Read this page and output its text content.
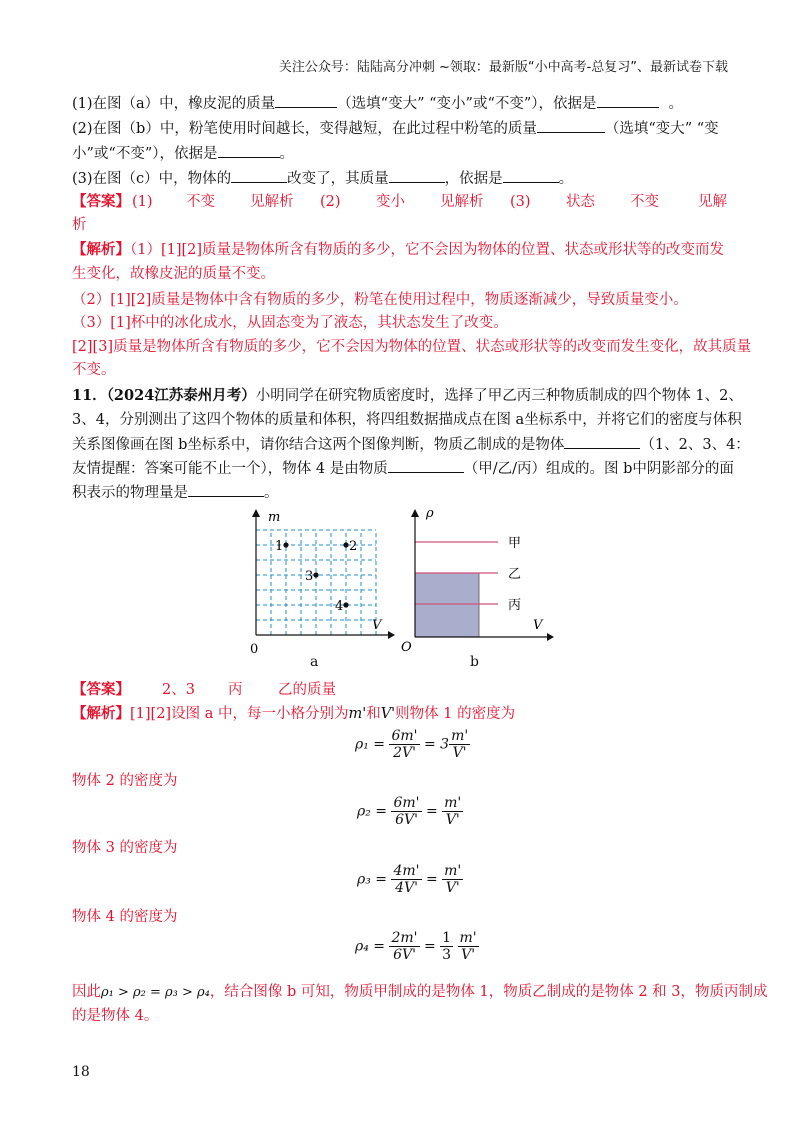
关注公众号：陆陆高分冲刺 ~领取：最新版“小中高考-总复习”、最新试卷下载
(1)在图（a）中，橡皮泥的质量	（选填“变大” “变小”或“不变”），依据是	。
(2)在图（b）中，粉笔使用时间越长，变得越短，在此过程中粉笔的质量	（选填“变大” “变
小”或“不变”），依据是	。
(3)在图（c）中，物体的	改变了，其质量	，依据是	。
【答案】 (1) 不变 见解析 (2) 变小 见解析 (3) 状态 不变	见解
析
【解析】（1）[1][2]质量是物体所含有物质的多少，它不会因为物体的位置、状态或形状等的改变而发
生变化，故橡皮泥的质量不变。
（2）[1][2]质量是物体中含有物质的多少，粉笔在使用过程中，物质逐渐减少，导致质量变小。
（3）[1]杯中的冰化成水，从固态变为了液态，其状态发生了改变。
[2][3]质量是物体所含有物质的多少，它不会因为物体的位置、状态或形状等的改变而发生变化，故其质量
不变。
11．（2024江苏泰州月考）小明同学在研究物质密度时，选择了甲乙丙三种物质制成的四个物体 1、2、
3、4，分别测出了这四个物体的质量和体积，将四组数据描成点在图 a坐标系中，并将它们的密度与体积
关系图像画在图 b坐标系中，请你结合这两个图像判断，物质乙制成的是物体	（1、2、3、4：
友情提醒：答案可能不止一个），物体 4 是由物质	（甲/乙/丙）组成的。图 b中阴影部分的面
积表示的物理量是	。
m
V
0
1	2
3
4
a
ρ
V
O
甲
乙
丙
b
【答案】 2、3 丙 乙的质量
【解析】[1][2]设图 a 中，每一小格分别为m'和V'则物体 1 的密度为
$\rho_1 = \frac{6m'}{2V'} = 3 \frac{m'}{V'}$
物体 2 的密度为
$\rho_2 = \frac{6m'}{6V'} = \frac{m'}{V'}$
物体 3 的密度为
$\rho_3 = \frac{4m'}{4V'} = \frac{m'}{V'}$
物体 4 的密度为
$\rho_4 = \frac{2m'}{6V'} = \frac{1}{3}$
$\frac{m'}{V'}$
因此ρ₁ > ρ₂ = ρ₃ > ρ₄，结合图像 b 可知，物质甲制成的是物体 1，物质乙制成的是物体 2 和 3，物质丙制成
的是物体 4。
18
